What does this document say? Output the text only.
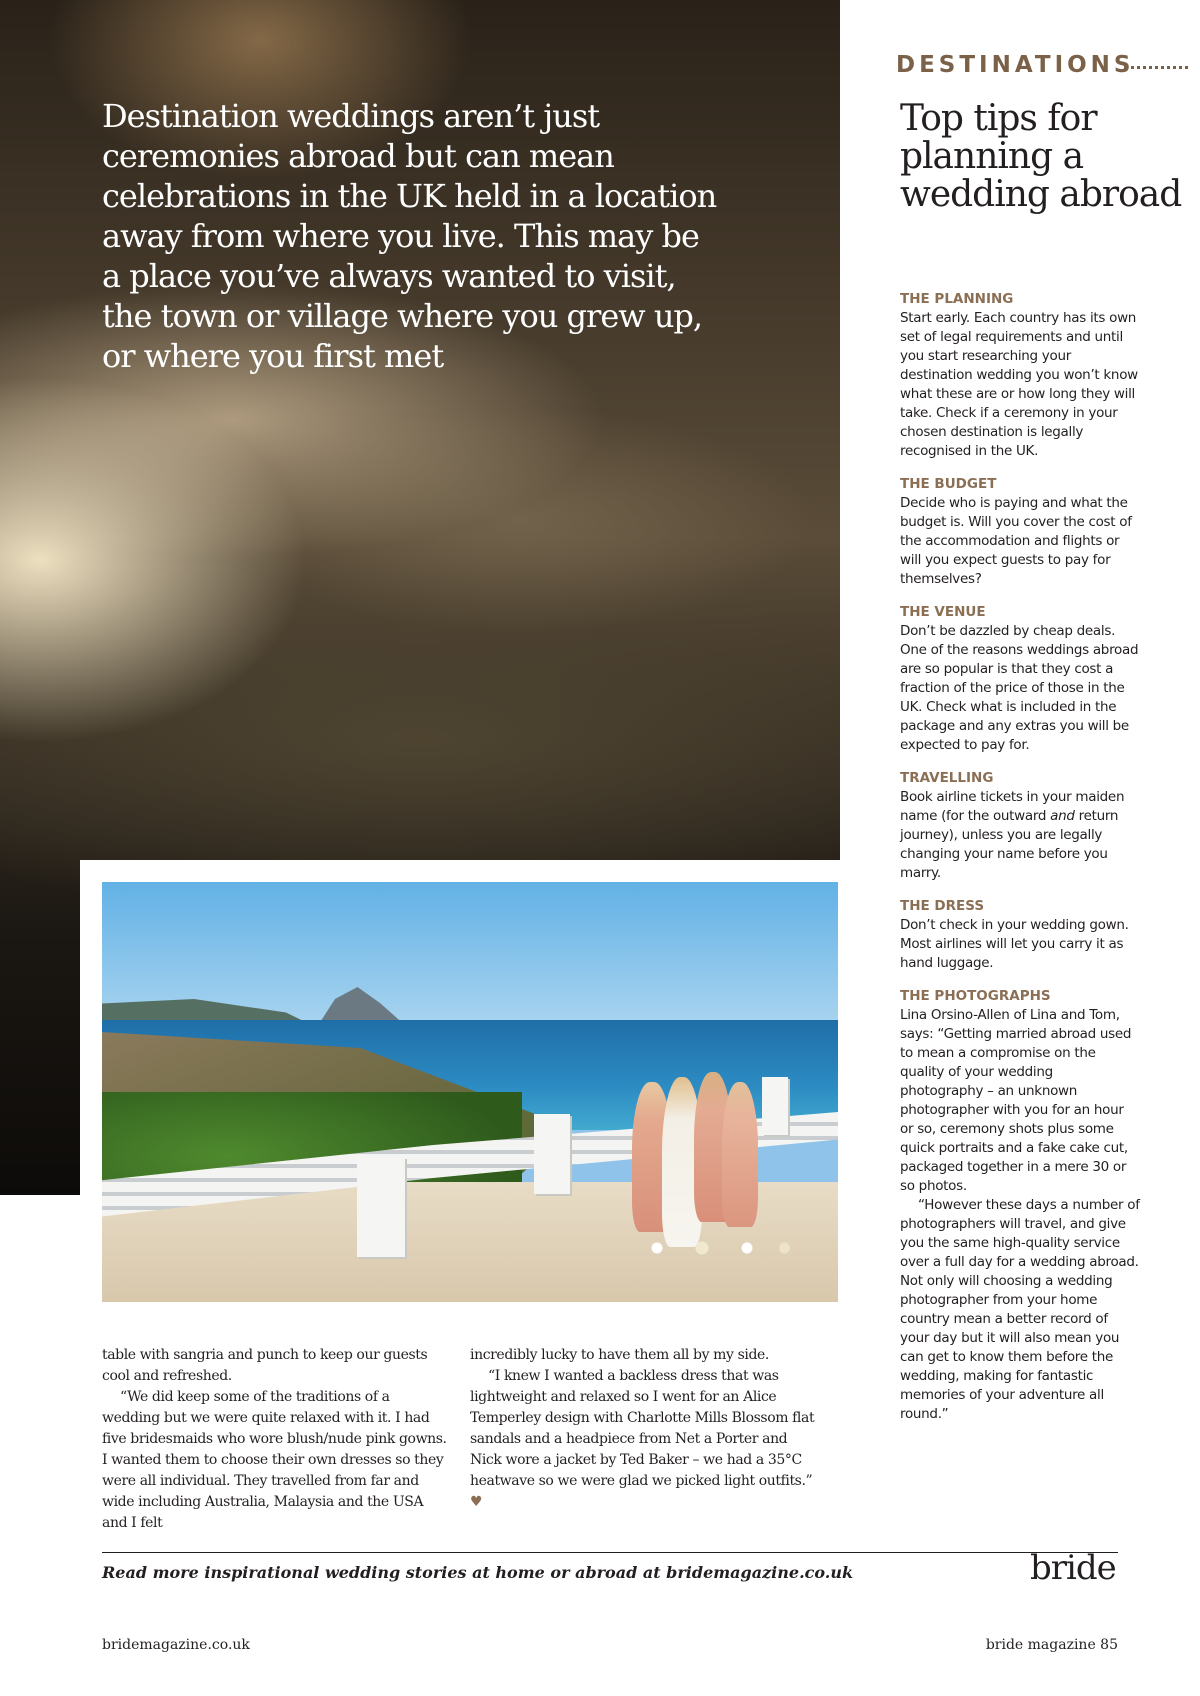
Destination weddings aren’t just ceremonies abroad but can mean celebrations in the UK held in a location away from where you live. This may be a place you’ve always wanted to visit, the town or village where you grew up, or where you first met

table with sangria and punch to keep our guests cool and refreshed.

“We did keep some of the traditions of a wedding but we were quite relaxed with it. I had five bridesmaids who wore blush/nude pink gowns. I wanted them to choose their own dresses so they were all individual. They travelled from far and wide including Australia, Malaysia and the USA and I felt

incredibly lucky to have them all by my side.

“I knew I wanted a backless dress that was lightweight and relaxed so I went for an Alice Temperley design with Charlotte Mills Blossom flat sandals and a headpiece from Net a Porter and Nick wore a jacket by Ted Baker – we had a 35°C heatwave so we were glad we picked light outfits.” ♥

DESTINATIONS

Top tips for planning a wedding abroad

THE PLANNING

Start early. Each country has its own set of legal requirements and until you start researching your destination wedding you won’t know what these are or how long they will take. Check if a ceremony in your chosen destination is legally recognised in the UK.

THE BUDGET

Decide who is paying and what the budget is. Will you cover the cost of the accommodation and flights or will you expect guests to pay for themselves?

THE VENUE

Don’t be dazzled by cheap deals. One of the reasons weddings abroad are so popular is that they cost a fraction of the price of those in the UK. Check what is included in the package and any extras you will be expected to pay for.

TRAVELLING

Book airline tickets in your maiden name (for the outward and return journey), unless you are legally changing your name before you marry.

THE DRESS

Don’t check in your wedding gown. Most airlines will let you carry it as hand luggage.

THE PHOTOGRAPHS

Lina Orsino-Allen of Lina and Tom, says: “Getting married abroad used to mean a compromise on the quality of your wedding photography – an unknown photographer with you for an hour or so, ceremony shots plus some quick portraits and a fake cake cut, packaged together in a mere 30 or so photos.

“However these days a number of photographers will travel, and give you the same high-quality service over a full day for a wedding abroad. Not only will choosing a wedding photographer from your home country mean a better record of your day but it will also mean you can get to know them before the wedding, making for fantastic memories of your adventure all round.”

Read more inspirational wedding stories at home or abroad at bridemagazine.co.uk	bride

bridemagazine.co.uk	bride magazine 85
